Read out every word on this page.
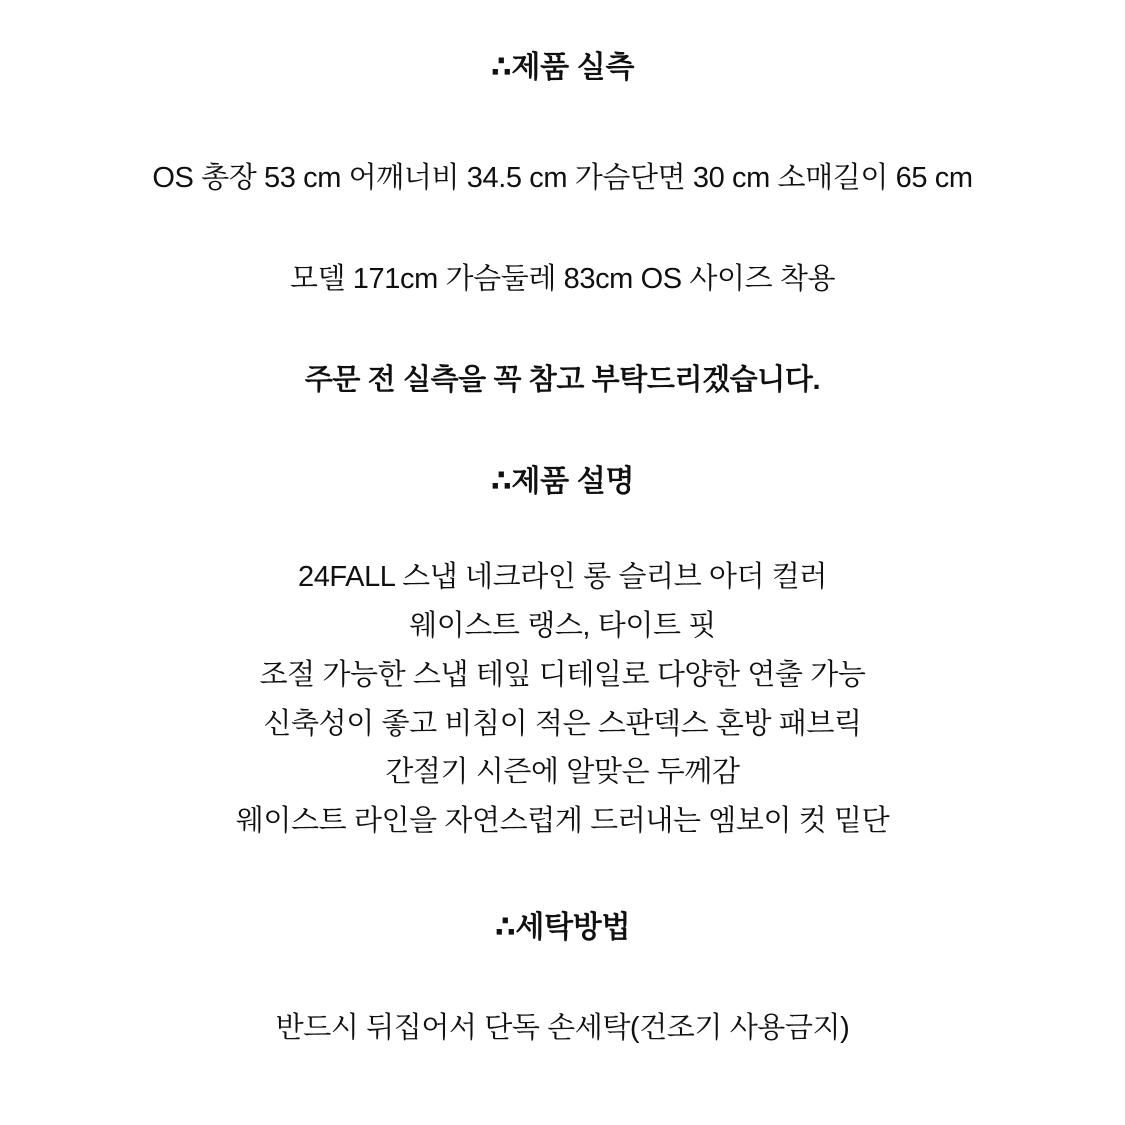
∴제품 실측
OS 총장 53 cm 어깨너비 34.5 cm 가슴단면 30 cm 소매길이 65 cm
모델 171cm 가슴둘레 83cm OS 사이즈 착용
주문 전 실측을 꼭 참고 부탁드리겠습니다.
∴제품 설명
24FALL 스냅 네크라인 롱 슬리브 아더 컬러
웨이스트 랭스, 타이트 핏
조절 가능한 스냅 테잎 디테일로 다양한 연출 가능
신축성이 좋고 비침이 적은 스판덱스 혼방 패브릭
간절기 시즌에 알맞은 두께감
웨이스트 라인을 자연스럽게 드러내는 엠보이 컷 밑단
∴세탁방법
반드시 뒤집어서 단독 손세탁(건조기 사용금지)
